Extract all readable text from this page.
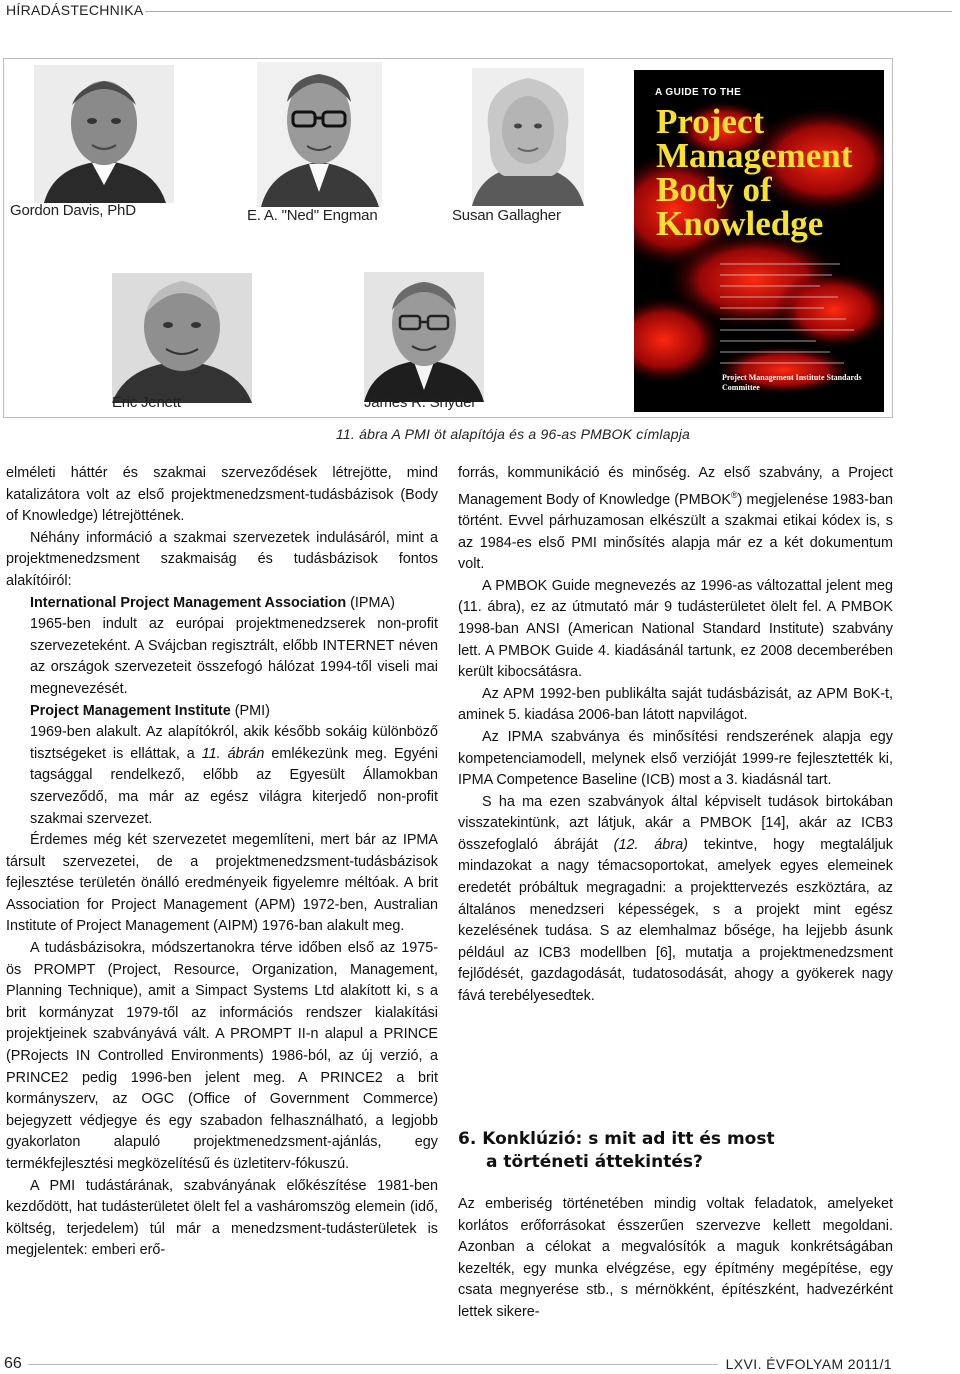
HÍRADÁSTECHNIKA
Gordon Davis, PhD	E. A. "Ned" Engman	Susan Gallagher
Eric Jenett	James R. Snyder
A GUIDE TO THE
Project Management Body of Knowledge

Project Management Institute Standards Committee
11. ábra A PMI öt alapítója és a 96-as PMBOK címlapja

elméleti háttér és szakmai szerveződések létrejötte, mind katalizátora volt az első projektmenedzsment-tudásbázisok (Body of Knowledge) létrejöttének.

Néhány információ a szakmai szervezetek indulásáról, mint a projektmenedzsment szakmaiság és tudásbázisok fontos alakítóiról:

International Project Management Association (IPMA)

1965-ben indult az európai projektmenedzserek non-profit szervezeteként. A Svájcban regisztrált, előbb INTERNET néven az országok szervezeteit összefogó hálózat 1994-től viseli mai megnevezését.

Project Management Institute (PMI)

1969-ben alakult. Az alapítókról, akik később sokáig különböző tisztségeket is elláttak, a 11. ábrán emlékezünk meg. Egyéni tagsággal rendelkező, előbb az Egyesült Államokban szerveződő, ma már az egész világra kiterjedő non-profit szakmai szervezet.

Érdemes még két szervezetet megemlíteni, mert bár az IPMA társult szervezetei, de a projektmenedzsment-tudásbázisok fejlesztése területén önálló eredményeik figyelemre méltóak. A brit Association for Project Management (APM) 1972-ben, Australian Institute of Project Management (AIPM) 1976-ban alakult meg.

A tudásbázisokra, módszertanokra térve időben első az 1975-ös PROMPT (Project, Resource, Organization, Management, Planning Technique), amit a Simpact Systems Ltd alakított ki, s a brit kormányzat 1979-től az információs rendszer kialakítási projektjeinek szabványává vált. A PROMPT II-n alapul a PRINCE (PRojects IN Controlled Environments) 1986-ból, az új verzió, a PRINCE2 pedig 1996-ben jelent meg. A PRINCE2 a brit kormányszerv, az OGC (Office of Government Commerce) bejegyzett védjegye és egy szabadon felhasználható, a legjobb gyakorlaton alapuló projektmenedzsment-ajánlás, egy termékfejlesztési megközelítésű és üzletiterv-fókuszú.

A PMI tudástárának, szabványának előkészítése 1981-ben kezdődött, hat tudásterületet ölelt fel a vasháromszög elemein (idő, költség, terjedelem) túl már a menedzsment-tudásterületek is megjelentek: emberi erő-

forrás, kommunikáció és minőség. Az első szabvány, a Project Management Body of Knowledge (PMBOK®) megjelenése 1983-ban történt. Evvel párhuzamosan elkészült a szakmai etikai kódex is, s az 1984-es első PMI minősítés alapja már ez a két dokumentum volt.

A PMBOK Guide megnevezés az 1996-as változattal jelent meg (11. ábra), ez az útmutató már 9 tudásterületet ölelt fel. A PMBOK 1998-ban ANSI (American National Standard Institute) szabvány lett. A PMBOK Guide 4. kiadásánál tartunk, ez 2008 decemberében került kibocsátásra.

Az APM 1992-ben publikálta saját tudásbázisát, az APM BoK-t, aminek 5. kiadása 2006-ban látott napvilágot.

Az IPMA szabványa és minősítési rendszerének alapja egy kompetenciamodell, melynek első verzióját 1999-re fejlesztették ki, IPMA Competence Baseline (ICB) most a 3. kiadásnál tart.

S ha ma ezen szabványok által képviselt tudások birtokában visszatekintünk, azt látjuk, akár a PMBOK [14], akár az ICB3 összefoglaló ábráját (12. ábra) tekintve, hogy megtaláljuk mindazokat a nagy témacsoportokat, amelyek egyes elemeinek eredetét próbáltuk megragadni: a projekttervezés eszköztára, az általános menedzseri képességek, s a projekt mint egész kezelésének tudása. S az elemhalmaz bősége, ha lejjebb ásunk például az ICB3 modellben [6], mutatja a projektmenedzsment fejlődését, gazdagodását, tudatosodását, ahogy a gyökerek nagy fává terebélyesedtek.

6. Konklúzió: s mit ad itt és most
a történeti áttekintés?
Az emberiség történetében mindig voltak feladatok, amelyeket korlátos erőforrásokat ésszerűen szervezve kellett megoldani. Azonban a célokat a megvalósítók a maguk konkrétságában kezelték, egy munka elvégzése, egy építmény megépítése, egy csata megnyerése stb., s mérnökként, építészként, hadvezérként lettek sikere-
66	LXVI. ÉVFOLYAM 2011/1
